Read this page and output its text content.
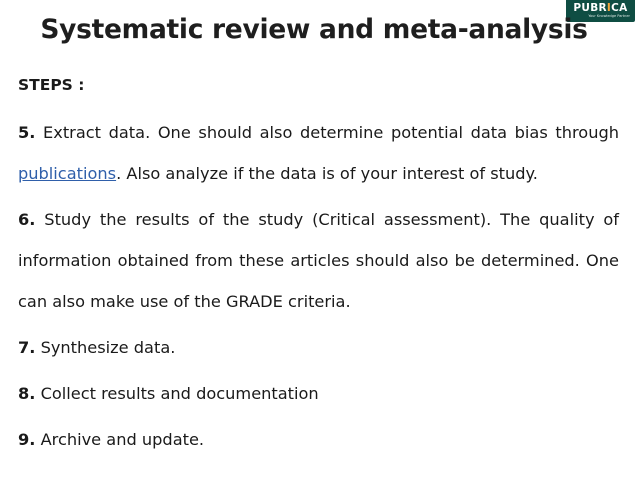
PUBRICA
Your Knowledge Partner
Systematic review and meta-analysis
STEPS :

5. Extract data. One should also determine potential data bias through publications. Also analyze if the data is of your interest of study.

6. Study the results of the study (Critical assessment). The quality of information obtained from these articles should also be determined. One can also make use of the GRADE criteria.

7. Synthesize data.

8. Collect results and documentation

9. Archive and update.
